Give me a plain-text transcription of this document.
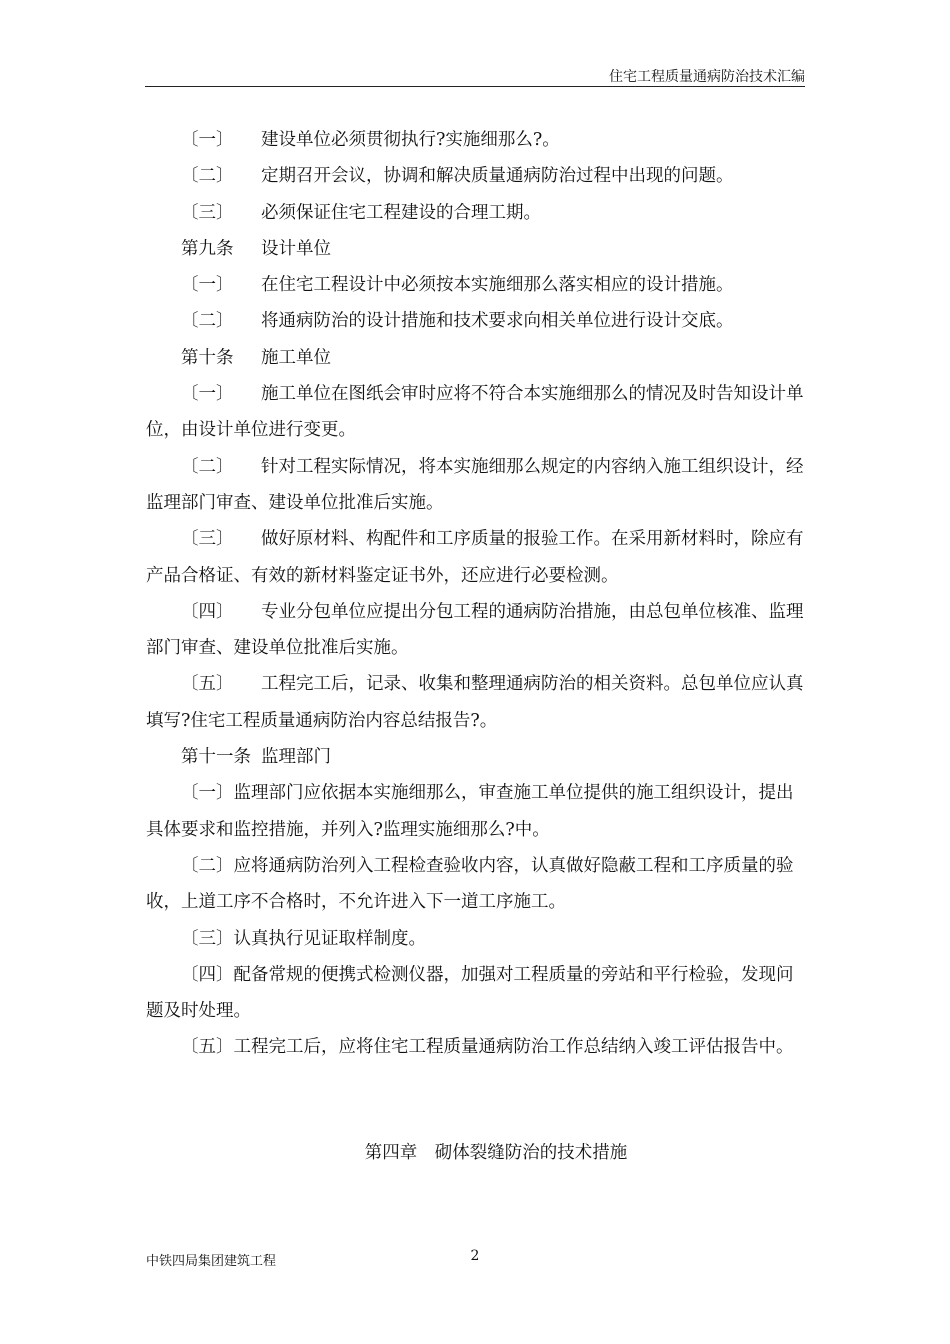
住宅工程质量通病防治技术汇编

〔一〕 建设单位必须贯彻执行?实施细那么?。

〔二〕 定期召开会议，协调和解决质量通病防治过程中出现的问题。

〔三〕 必须保证住宅工程建设的合理工期。

第九条 设计单位

〔一〕 在住宅工程设计中必须按本实施细那么落实相应的设计措施。

〔二〕 将通病防治的设计措施和技术要求向相关单位进行设计交底。

第十条 施工单位

〔一〕 施工单位在图纸会审时应将不符合本实施细那么的情况及时告知设计单位，由设计单位进行变更。

〔二〕 针对工程实际情况，将本实施细那么规定的内容纳入施工组织设计，经监理部门审查、建设单位批准后实施。

〔三〕 做好原材料、构配件和工序质量的报验工作。在采用新材料时，除应有产品合格证、有效的新材料鉴定证书外，还应进行必要检测。

〔四〕 专业分包单位应提出分包工程的通病防治措施，由总包单位核准、监理部门审查、建设单位批准后实施。

〔五〕 工程完工后，记录、收集和整理通病防治的相关资料。总包单位应认真填写?住宅工程质量通病防治内容总结报告?。

第十一条 监理部门

〔一〕监理部门应依据本实施细那么，审查施工单位提供的施工组织设计，提出具体要求和监控措施，并列入?监理实施细那么?中。

〔二〕应将通病防治列入工程检查验收内容，认真做好隐蔽工程和工序质量的验收，上道工序不合格时，不允许进入下一道工序施工。

〔三〕认真执行见证取样制度。

〔四〕配备常规的便携式检测仪器，加强对工程质量的旁站和平行检验，发现问题及时处理。

〔五〕工程完工后，应将住宅工程质量通病防治工作总结纳入竣工评估报告中。

第四章　砌体裂缝防治的技术措施
中铁四局集团建筑工程	2
